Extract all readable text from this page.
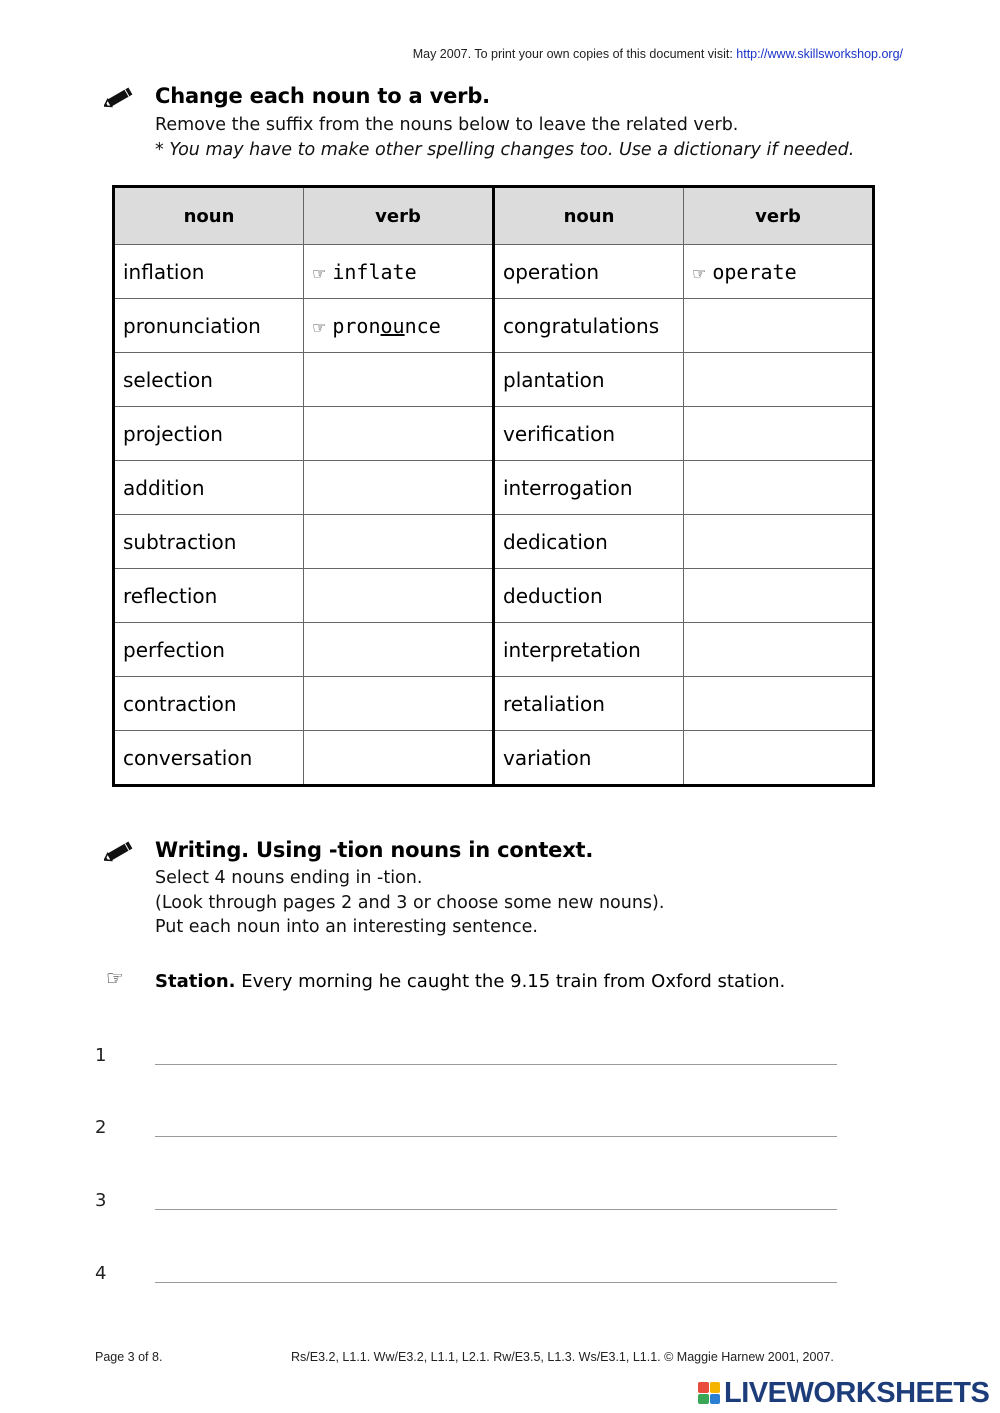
May 2007. To print your own copies of this document visit: http://www.skillsworkshop.org/
Change each noun to a verb.
Remove the suffix from the nouns below to leave the related verb.
* You may have to make other spelling changes too. Use a dictionary if needed.
noun	verb	noun	verb
inflation	☞ inflate	operation	☞ operate
pronunciation	☞ pronounce	congratulations	
selection		plantation	
projection		verification	
addition		interrogation	
subtraction		dedication	
reflection		deduction	
perfection		interpretation	
contraction		retaliation	
conversation		variation	
Writing. Using -tion nouns in context.
Select 4 nouns ending in -tion.
(Look through pages 2 and 3 or choose some new nouns).
Put each noun into an interesting sentence.
☞ Station. Every morning he caught the 9.15 train from Oxford station.
1
2
3
4
Page 3 of 8.	Rs/E3.2, L1.1. Ww/E3.2, L1.1, L2.1. Rw/E3.5, L1.3. Ws/E3.1, L1.1. © Maggie Harnew 2001, 2007.
LIVEWORKSHEETS
